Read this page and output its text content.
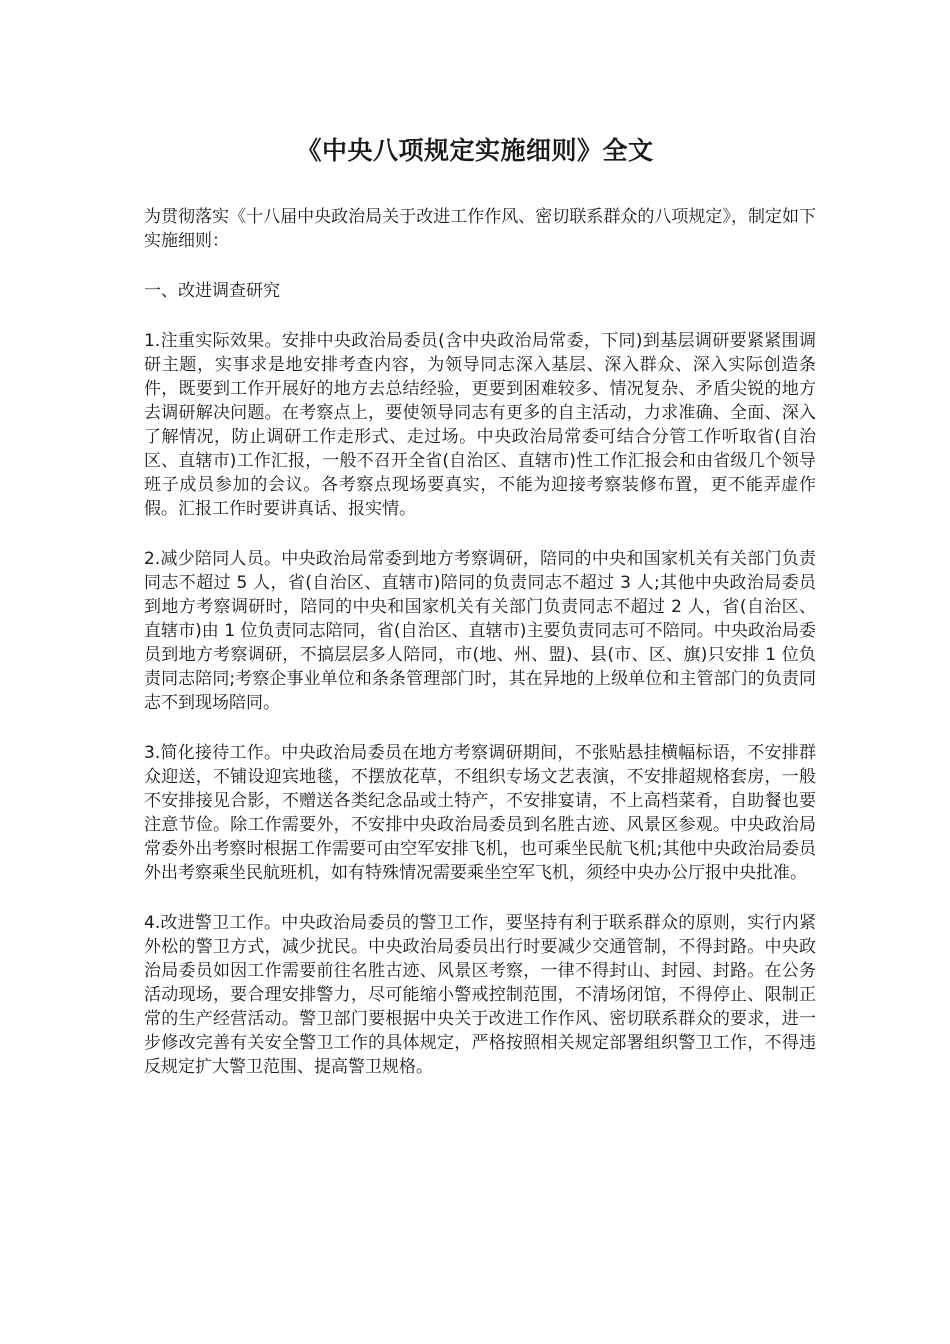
《中央八项规定实施细则》全文

为贯彻落实《十八届中央政治局关于改进工作作风、密切联系群众的八项规定》，制定如下实施细则：

一、改进调查研究

1.注重实际效果。安排中央政治局委员(含中央政治局常委，下同)到基层调研要紧紧围调研主题，实事求是地安排考查内容，为领导同志深入基层、深入群众、深入实际创造条件，既要到工作开展好的地方去总结经验，更要到困难较多、情况复杂、矛盾尖锐的地方去调研解决问题。在考察点上，要使领导同志有更多的自主活动，力求准确、全面、深入了解情况，防止调研工作走形式、走过场。中央政治局常委可结合分管工作听取省(自治区、直辖市)工作汇报，一般不召开全省(自治区、直辖市)性工作汇报会和由省级几个领导班子成员参加的会议。各考察点现场要真实，不能为迎接考察装修布置，更不能弄虚作假。汇报工作时要讲真话、报实情。

2.减少陪同人员。中央政治局常委到地方考察调研，陪同的中央和国家机关有关部门负责同志不超过 5 人，省(自治区、直辖市)陪同的负责同志不超过 3 人;其他中央政治局委员到地方考察调研时，陪同的中央和国家机关有关部门负责同志不超过 2 人，省(自治区、直辖市)由 1 位负责同志陪同，省(自治区、直辖市)主要负责同志可不陪同。中央政治局委员到地方考察调研，不搞层层多人陪同，市(地、州、盟)、县(市、区、旗)只安排 1 位负责同志陪同;考察企事业单位和条条管理部门时，其在异地的上级单位和主管部门的负责同志不到现场陪同。

3.简化接待工作。中央政治局委员在地方考察调研期间，不张贴悬挂横幅标语，不安排群众迎送，不铺设迎宾地毯，不摆放花草，不组织专场文艺表演，不安排超规格套房，一般不安排接见合影，不赠送各类纪念品或土特产，不安排宴请，不上高档菜肴，自助餐也要注意节俭。除工作需要外，不安排中央政治局委员到名胜古迹、风景区参观。中央政治局常委外出考察时根据工作需要可由空军安排飞机，也可乘坐民航飞机;其他中央政治局委员外出考察乘坐民航班机，如有特殊情况需要乘坐空军飞机，须经中央办公厅报中央批准。

4.改进警卫工作。中央政治局委员的警卫工作，要坚持有利于联系群众的原则，实行内紧外松的警卫方式，减少扰民。中央政治局委员出行时要减少交通管制，不得封路。中央政治局委员如因工作需要前往名胜古迹、风景区考察，一律不得封山、封园、封路。在公务活动现场，要合理安排警力，尽可能缩小警戒控制范围，不清场闭馆，不得停止、限制正常的生产经营活动。警卫部门要根据中央关于改进工作作风、密切联系群众的要求，进一步修改完善有关安全警卫工作的具体规定，严格按照相关规定部署组织警卫工作，不得违反规定扩大警卫范围、提高警卫规格。
